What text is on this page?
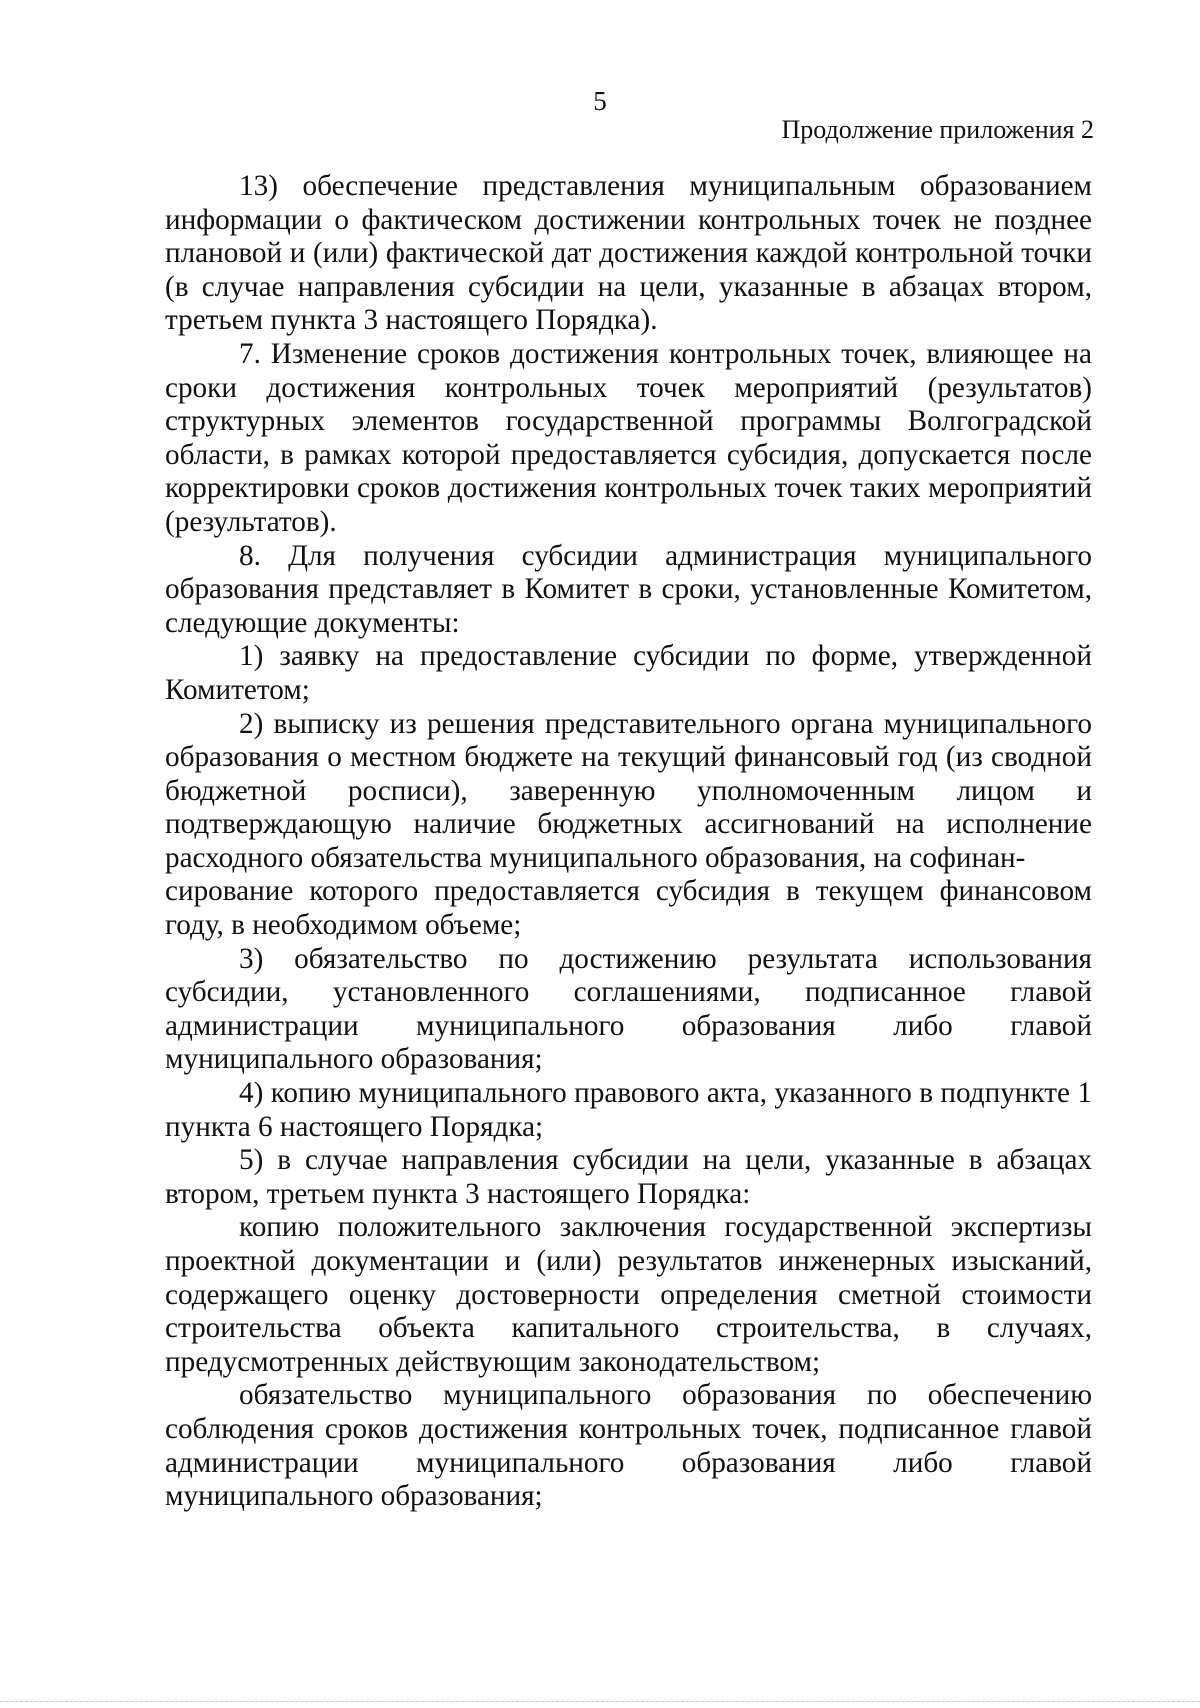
5
Продолжение приложения 2

13) обеспечение представления муниципальным образованием информации о фактическом достижении контрольных точек не позднее плановой и (или) фактической дат достижения каждой контрольной точки (в случае направления субсидии на цели, указанные в абзацах втором, третьем пункта 3 настоящего Порядка).

7. Изменение сроков достижения контрольных точек, влияющее на сроки достижения контрольных точек мероприятий (результатов) структурных элементов государственной программы Волгоградской области, в рамках которой предоставляется субсидия, допускается после корректировки сроков достижения контрольных точек таких мероприятий (результатов).

8. Для получения субсидии администрация муниципального образования представляет в Комитет в сроки, установленные Комитетом, следующие документы:

1) заявку на предоставление субсидии по форме, утвержденной Комитетом;

2) выписку из решения представительного органа муниципального образования о местном бюджете на текущий финансовый год (из сводной бюджетной росписи), заверенную уполномоченным лицом и подтверждающую наличие бюджетных ассигнований на исполнение расходного обязательства муниципального образования, на софинан-
сирование которого предоставляется субсидия в текущем финансовом году, в необходимом объеме;

3) обязательство по достижению результата использования субсидии, установленного соглашениями, подписанное главой администрации муниципального образования либо главой муниципального образования;

4) копию муниципального правового акта, указанного в подпункте 1 пункта 6 настоящего Порядка;

5) в случае направления субсидии на цели, указанные в абзацах втором, третьем пункта 3 настоящего Порядка:

копию положительного заключения государственной экспертизы проектной документации и (или) результатов инженерных изысканий, содержащего оценку достоверности определения сметной стоимости строительства объекта капитального строительства, в случаях, предусмотренных действующим законодательством;

обязательство муниципального образования по обеспечению соблюдения сроков достижения контрольных точек, подписанное главой администрации муниципального образования либо главой муниципального образования;
